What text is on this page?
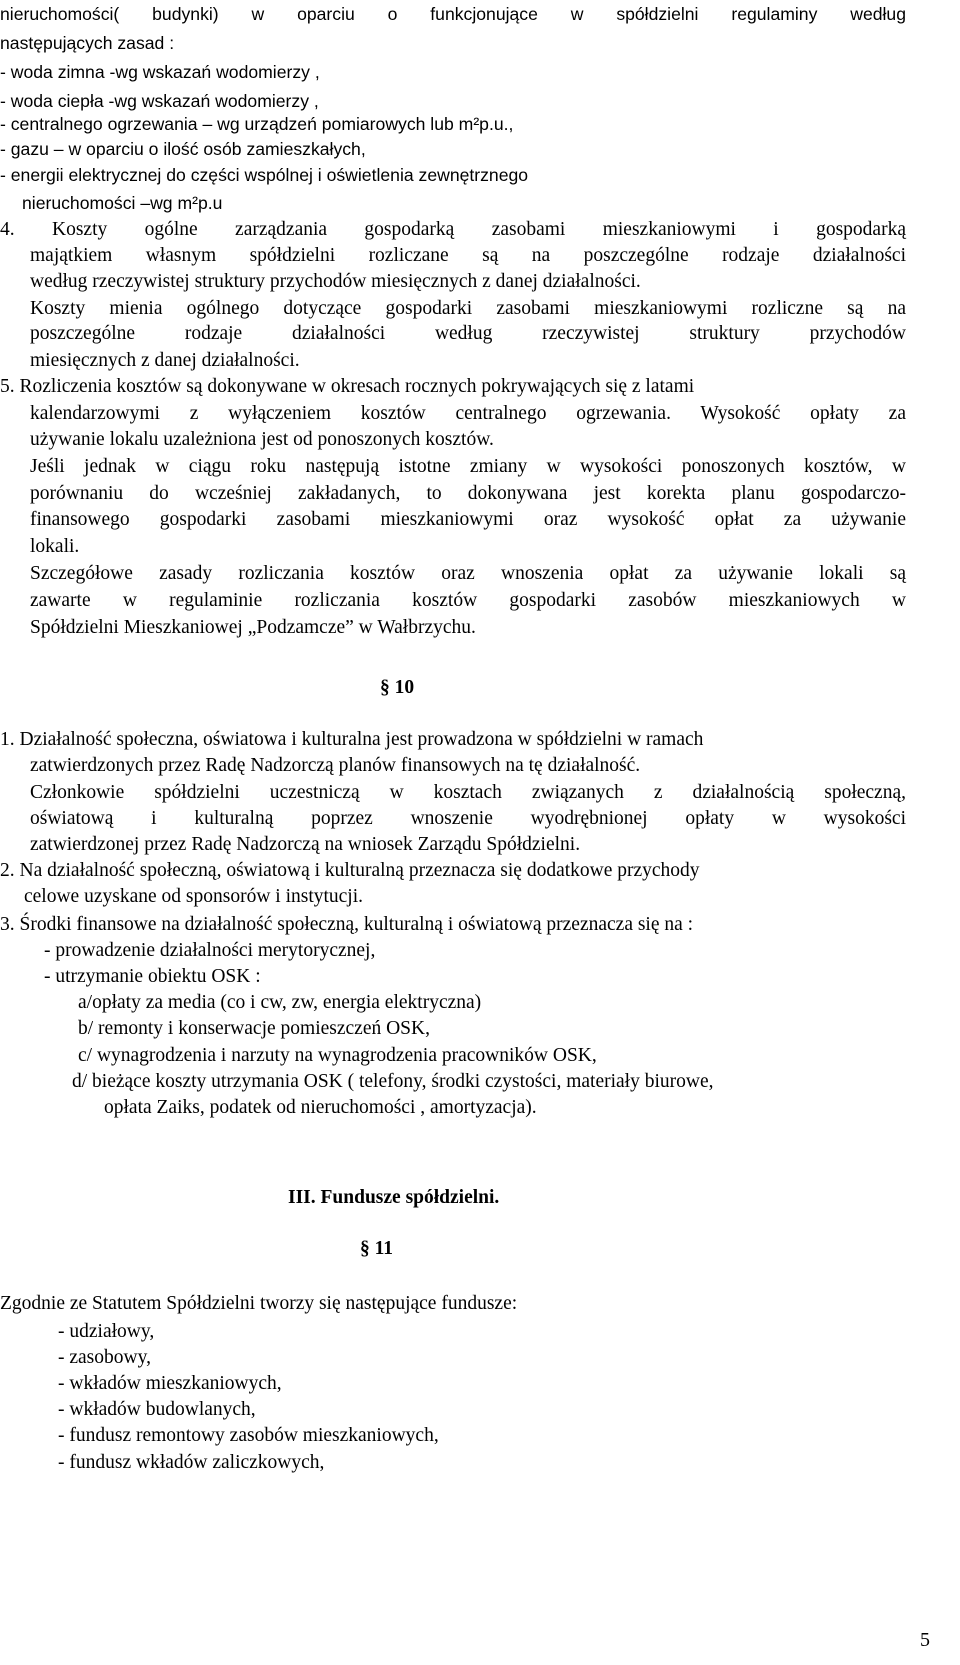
nieruchomości( budynki) w oparciu o funkcjonujące w spółdzielni regulaminy według
następujących zasad :
- woda zimna -wg wskazań wodomierzy ,
- woda ciepła -wg wskazań wodomierzy ,
- centralnego ogrzewania – wg urządzeń pomiarowych lub m²p.u.,
- gazu – w oparciu o ilość osób zamieszkałych,
- energii elektrycznej do części wspólnej i oświetlenia zewnętrznego
nieruchomości –wg m²p.u
4. Koszty ogólne zarządzania gospodarką zasobami mieszkaniowymi i gospodarką
majątkiem własnym spółdzielni rozliczane są na poszczególne rodzaje działalności
według rzeczywistej struktury przychodów miesięcznych z danej działalności.
Koszty mienia ogólnego dotyczące gospodarki zasobami mieszkaniowymi rozliczne są na
poszczególne rodzaje działalności według rzeczywistej struktury przychodów
miesięcznych z danej działalności.
5. Rozliczenia kosztów są dokonywane w okresach rocznych pokrywających się z latami
kalendarzowymi z wyłączeniem kosztów centralnego ogrzewania. Wysokość opłaty za
używanie lokalu uzależniona jest od ponoszonych kosztów.
Jeśli jednak w ciągu roku następują istotne zmiany w wysokości ponoszonych kosztów, w
porównaniu do wcześniej zakładanych, to dokonywana jest korekta planu gospodarczo-
finansowego gospodarki zasobami mieszkaniowymi oraz wysokość opłat za używanie
lokali.
Szczegółowe zasady rozliczania kosztów oraz wnoszenia opłat za używanie lokali są
zawarte w regulaminie rozliczania kosztów gospodarki zasobów mieszkaniowych w
Spółdzielni Mieszkaniowej „Podzamcze” w Wałbrzychu.
§ 10
1. Działalność społeczna, oświatowa i kulturalna jest prowadzona w spółdzielni w ramach
zatwierdzonych przez Radę Nadzorczą planów finansowych na tę działalność.
Członkowie spółdzielni uczestniczą w kosztach związanych z działalnością społeczną,
oświatową i kulturalną poprzez wnoszenie wyodrębnionej opłaty w wysokości
zatwierdzonej przez Radę Nadzorczą na wniosek Zarządu Spółdzielni.
2. Na działalność społeczną, oświatową i kulturalną przeznacza się dodatkowe przychody
celowe uzyskane od sponsorów i instytucji.
3. Środki finansowe na działalność społeczną, kulturalną i oświatową przeznacza się na :
- prowadzenie działalności merytorycznej,
- utrzymanie obiektu OSK :
a/opłaty za media (co i cw, zw, energia elektryczna)
b/ remonty i konserwacje pomieszczeń OSK,
c/ wynagrodzenia i narzuty na wynagrodzenia pracowników OSK,
d/ bieżące koszty utrzymania OSK ( telefony, środki czystości, materiały biurowe,
opłata Zaiks, podatek od nieruchomości , amortyzacja).
III. Fundusze spółdzielni.
§ 11
Zgodnie ze Statutem Spółdzielni tworzy się następujące fundusze:
- udziałowy,
- zasobowy,
- wkładów mieszkaniowych,
- wkładów budowlanych,
- fundusz remontowy zasobów mieszkaniowych,
- fundusz wkładów zaliczkowych,
5
